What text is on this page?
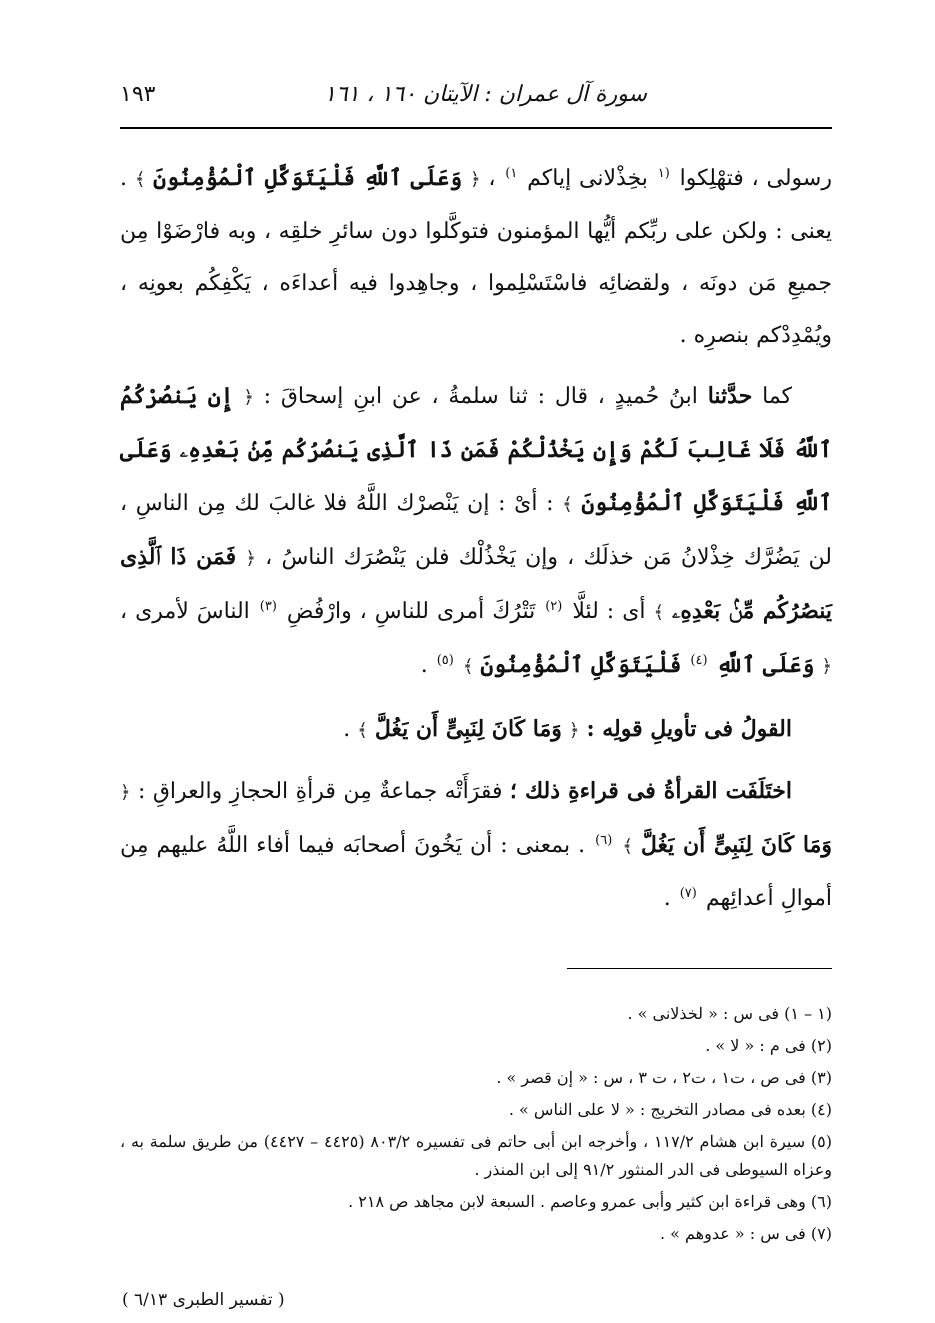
سورة آل عمران : الآيتان ١٦٠ ، ١٦١
١٩٣

رسولى ، فتهْلِكوا $^{(١}$ بخِذْلانى إياكم $^{١)}$ ، ﴿ وَعَلَى ٱللَّهِ فَلْيَتَوَكَّلِ ٱلْمُؤْمِنُونَ ﴾ . يعنى : ولكن على ربِّكم أيُّها المؤمنون فتوكَّلوا دون سائرِ خلقِه ، وبه فارْضَوْا مِن جميعِ مَن دونَه ، ولقضائِه فاسْتَسْلِموا ، وجاهِدوا فيه أعداءَه ، يَكْفِكُم بعونِه ، ويُمْدِدْكم بنصرِه .

كما حدَّثنا ابنُ حُميدٍ ، قال : ثنا سلمةُ ، عن ابنِ إسحاقَ : ﴿ إِن يَنصُرْكُمُ ٱللَّهُ فَلَا غَالِبَ لَكُمْ وَإِن يَخْذُلْكُمْ فَمَن ذَا ٱلَّذِى يَنصُرُكُم مِّنۢ بَعْدِهِۦ وَعَلَى ٱللَّهِ فَلْيَتَوَكَّلِ ٱلْمُؤْمِنُونَ ﴾ : أىْ : إن يَنْصرْك اللَّهُ فلا غالبَ لك مِن الناسِ ، لن يَضُرَّك خِذْلانُ مَن خذلَك ، وإن يَخْذُلْك فلن يَنْصُرَك الناسُ ، ﴿ فَمَن ذَا ٱلَّذِى يَنصُرُكُم مِّنۢ بَعْدِهِۦ ﴾ أى : لئلَّا $^{(٢)}$ تَتْرُكَ أمرى للناسِ ، وارْفُضِ $^{(٣)}$ الناسَ لأمرى ، ﴿ وَعَلَى ٱللَّهِ $^{(٤)}$ فَلْيَتَوَكَّلِ ٱلْمُؤْمِنُونَ ﴾ $^{(٥)}$ .

القولُ فى تأويلِ قولِه : ﴿ وَمَا كَانَ لِنَبِىٍّ أَن يَغُلَّ ﴾ .

اختَلَفَت القرأةُ فى قراءةِ ذلك ؛ فقرَأَتْه جماعةٌ مِن قرأةِ الحجازِ والعراقِ : ﴿ وَمَا كَانَ لِنَبِىٍّ أَن يَغُلَّ ﴾ $^{(٦)}$ . بمعنى : أن يَخُونَ أصحابَه فيما أفاء اللَّهُ عليهم مِن أموالِ أعدائِهم $^{(٧)}$ .

(١ – ١) فى س : « لخذلانى » .

(٢) فى م : « لا » .

(٣) فى ص ، ت١ ، ت٢ ، ت ٣ ، س : « إن قصر » .

(٤) بعده فى مصادر التخريج : « لا على الناس » .

(٥) سيرة ابن هشام ١١٧/٢ ، وأخرجه ابن أبى حاتم فى تفسيره ٨٠٣/٢ (٤٤٢٥ – ٤٤٢٧) من طريق سلمة به ، وعزاه السيوطى فى الدر المنثور ٩١/٢ إلى ابن المنذر .

(٦) وهى قراءة ابن كثير وأبى عمرو وعاصم . السبعة لابن مجاهد ص ٢١٨ .

(٧) فى س : « عدوهم » .

( تفسير الطبرى ٦/١٣ )
